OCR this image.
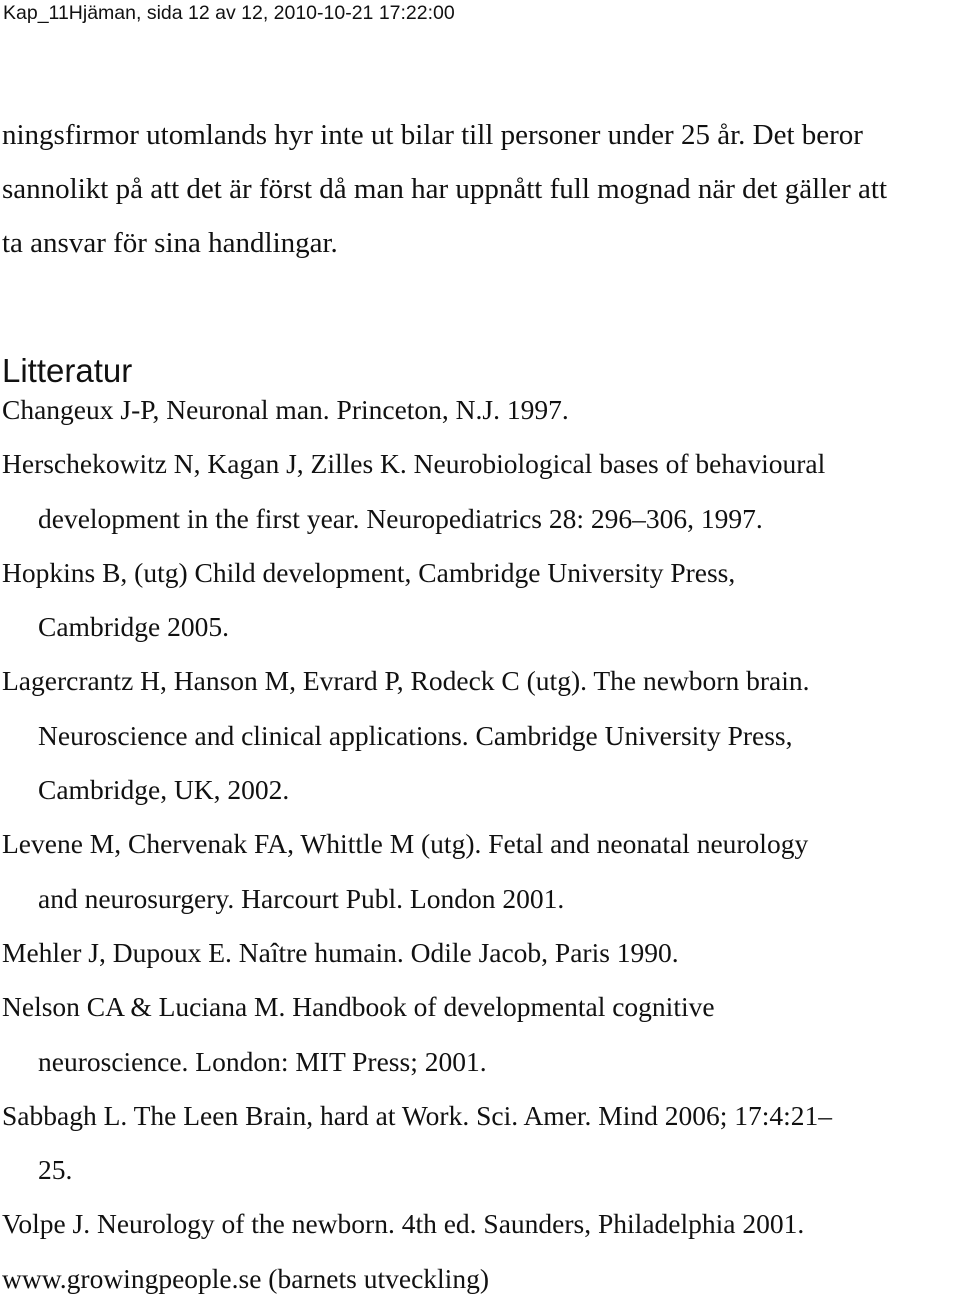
Kap_11Hjäman, sida 12 av 12, 2010-10-21 17:22:00
ningsfirmor utomlands hyr inte ut bilar till personer under 25 år. Det beror
sannolikt på att det är först då man har uppnått full mognad när det gäller att
ta ansvar för sina handlingar.
Litteratur
Changeux J-P, Neuronal man. Princeton, N.J. 1997.
Herschekowitz N, Kagan J, Zilles K. Neurobiological bases of behavioural
development in the first year. Neuropediatrics 28: 296–306, 1997.
Hopkins B, (utg) Child development, Cambridge University Press,
Cambridge 2005.
Lagercrantz H, Hanson M, Evrard P, Rodeck C (utg). The newborn brain.
Neuroscience and clinical applications. Cambridge University Press,
Cambridge, UK, 2002.
Levene M, Chervenak FA, Whittle M (utg). Fetal and neonatal neurology
and neurosurgery. Harcourt Publ. London 2001.
Mehler J, Dupoux E. Naître humain. Odile Jacob, Paris 1990.
Nelson CA & Luciana M. Handbook of developmental cognitive
neuroscience. London: MIT Press; 2001.
Sabbagh L. The Leen Brain, hard at Work. Sci. Amer. Mind 2006; 17:4:21–
25.
Volpe J. Neurology of the newborn. 4th ed. Saunders, Philadelphia 2001.
www.growingpeople.se (barnets utveckling)
